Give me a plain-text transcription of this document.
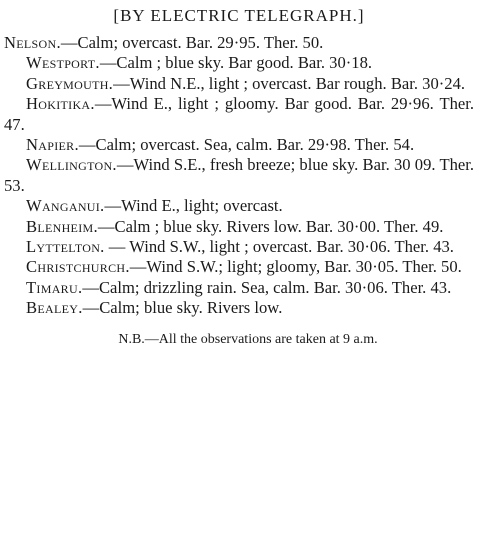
[BY ELECTRIC TELEGRAPH.]

Nelson.—Calm; overcast. Bar. 29·95. Ther. 50.

Westport.—Calm ; blue sky. Bar good. Bar. 30·18.

Greymouth.—Wind N.E., light ; overcast. Bar rough. Bar. 30·24.

Hokitika.—Wind E., light ; gloomy. Bar good. Bar. 29·96. Ther. 47.

Napier.—Calm; overcast. Sea, calm. Bar. 29·98. Ther. 54.

Wellington.—Wind S.E., fresh breeze; blue sky. Bar. 30 09. Ther. 53.

Wanganui.—Wind E., light; overcast.

Blenheim.—Calm ; blue sky. Rivers low. Bar. 30·00. Ther. 49.

Lyttelton. — Wind S.W., light ; overcast. Bar. 30·06. Ther. 43.

Christchurch.—Wind S.W.; light; gloomy, Bar. 30·05. Ther. 50.

Timaru.—Calm; drizzling rain. Sea, calm. Bar. 30·06. Ther. 43.

Bealey.—Calm; blue sky. Rivers low.

N.B.—All the observations are taken at 9 a.m.
